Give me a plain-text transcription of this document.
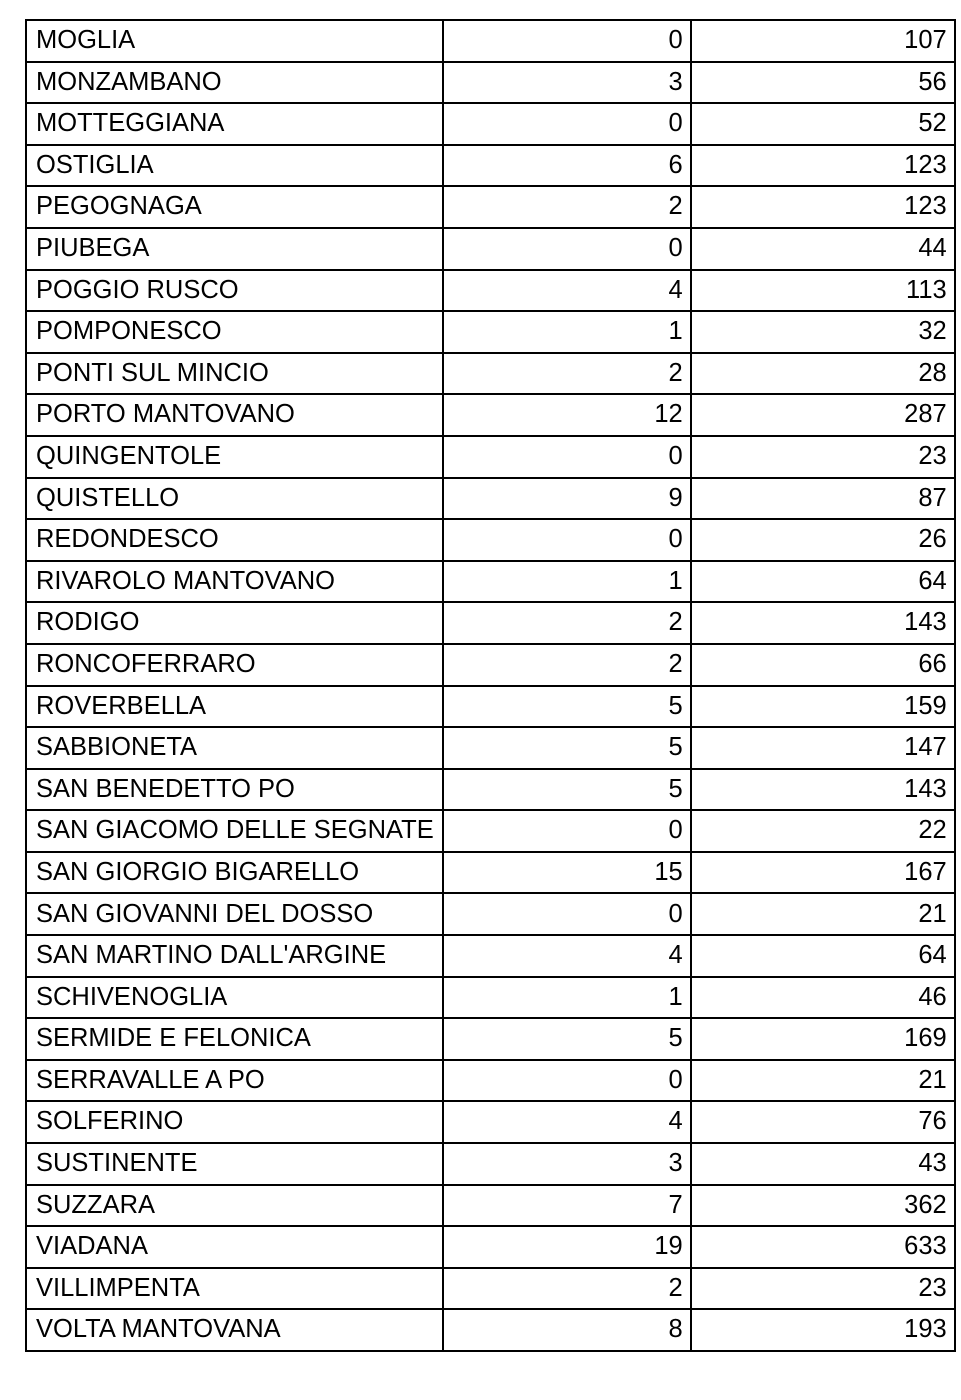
MOGLIA	0	107
MONZAMBANO	3	56
MOTTEGGIANA	0	52
OSTIGLIA	6	123
PEGOGNAGA	2	123
PIUBEGA	0	44
POGGIO RUSCO	4	113
POMPONESCO	1	32
PONTI SUL MINCIO	2	28
PORTO MANTOVANO	12	287
QUINGENTOLE	0	23
QUISTELLO	9	87
REDONDESCO	0	26
RIVAROLO MANTOVANO	1	64
RODIGO	2	143
RONCOFERRARO	2	66
ROVERBELLA	5	159
SABBIONETA	5	147
SAN BENEDETTO PO	5	143
SAN GIACOMO DELLE SEGNATE	0	22
SAN GIORGIO BIGARELLO	15	167
SAN GIOVANNI DEL DOSSO	0	21
SAN MARTINO DALL'ARGINE	4	64
SCHIVENOGLIA	1	46
SERMIDE E FELONICA	5	169
SERRAVALLE A PO	0	21
SOLFERINO	4	76
SUSTINENTE	3	43
SUZZARA	7	362
VIADANA	19	633
VILLIMPENTA	2	23
VOLTA MANTOVANA	8	193
